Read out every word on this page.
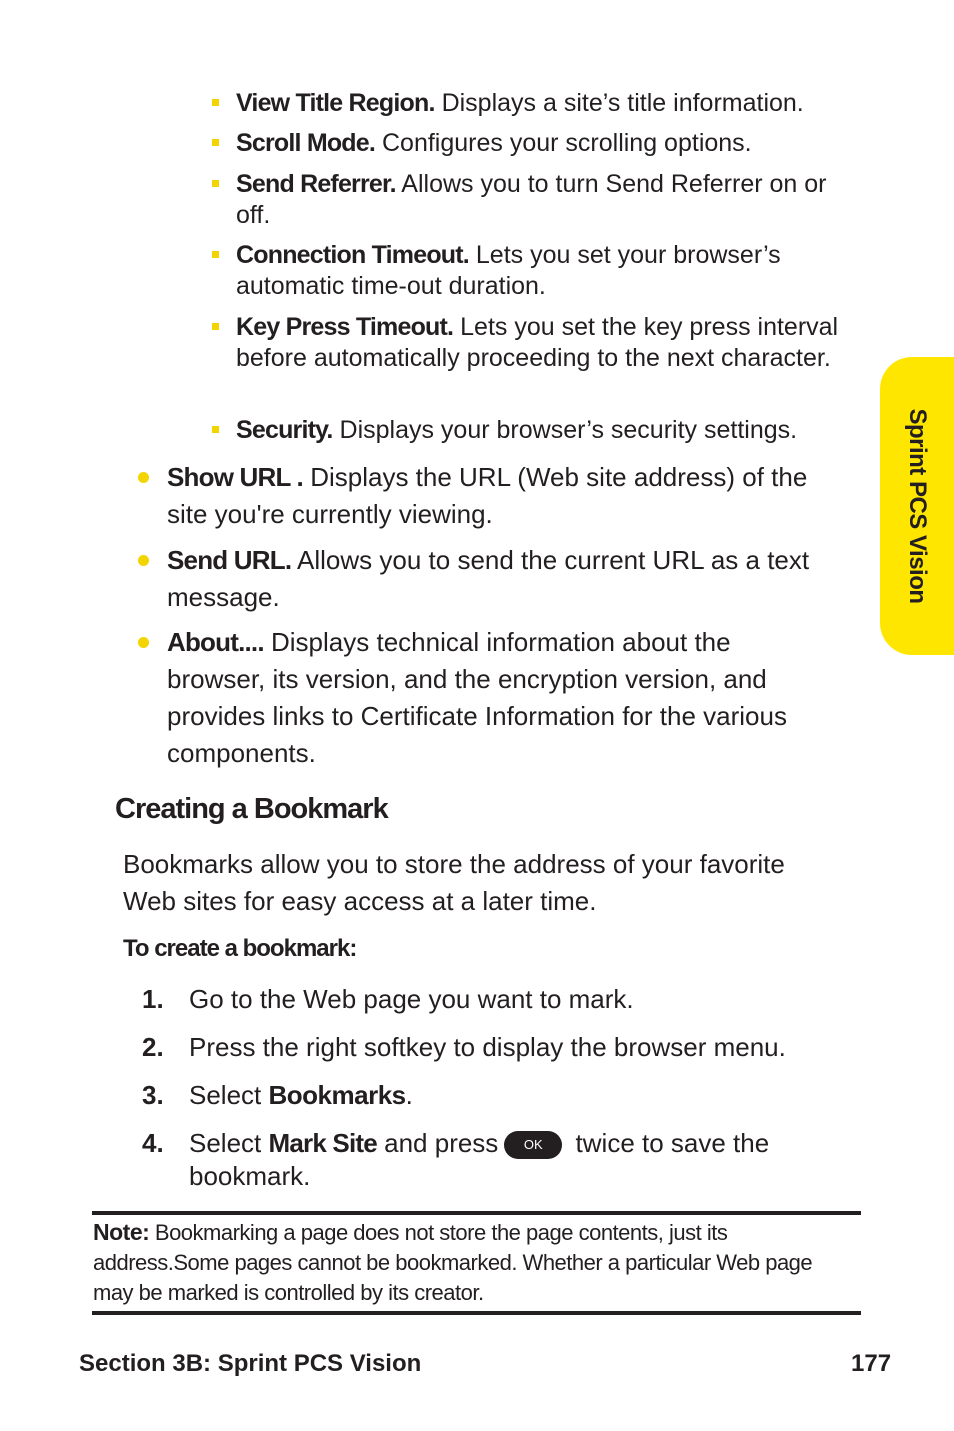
View Title Region. Displays a site’s title information.
Scroll Mode. Configures your scrolling options.
Send Referrer. Allows you to turn Send Referrer on or off.
Connection Timeout. Lets you set your browser’s automatic time-out duration.
Key Press Timeout. Lets you set the key press interval before automatically proceeding to the next character.
Security. Displays your browser’s security settings.
Show URL . Displays the URL (Web site address) of the site you're currently viewing.
Send URL. Allows you to send the current URL as a text message.
About.... Displays technical information about the browser, its version, and the encryption version, and provides links to Certificate Information for the various components.
Creating a Bookmark
Bookmarks allow you to store the address of your favorite Web sites for easy access at a later time.
To create a bookmark:
1. Go to the Web page you want to mark.
2. Press the right softkey to display the browser menu.
3. Select Bookmarks.
4. Select Mark Site and press OK twice to save the bookmark.
Note: Bookmarking a page does not store the page contents, just its address.Some pages cannot be bookmarked. Whether a particular Web page may be marked is controlled by its creator.
Section 3B: Sprint PCS Vision	177
Sprint PCS Vision
